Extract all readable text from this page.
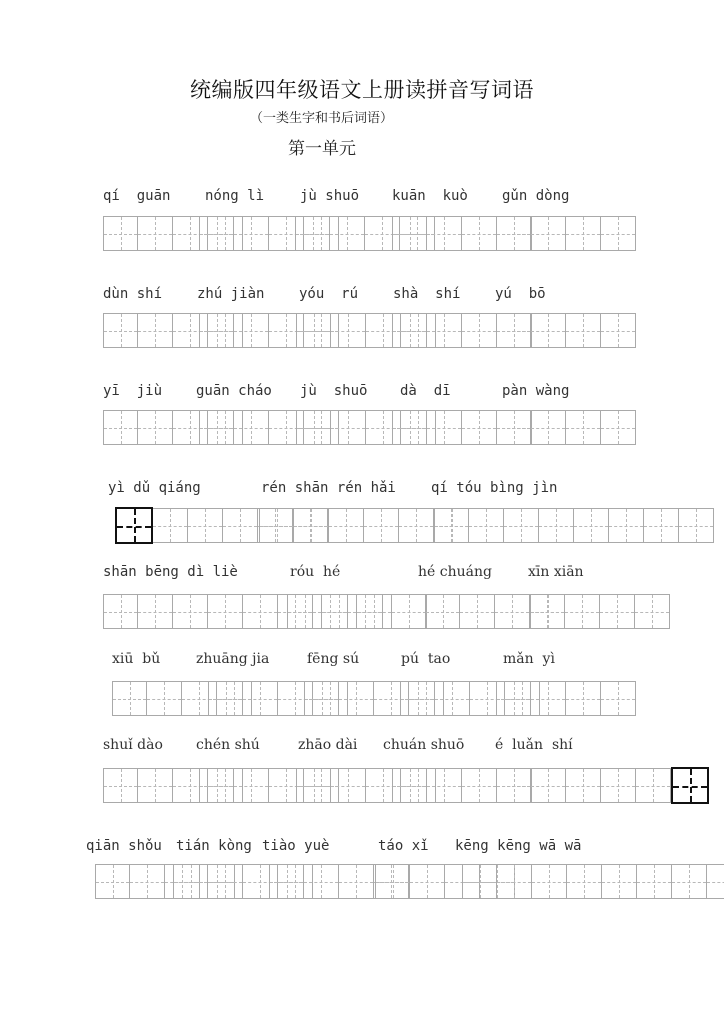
统编版四年级语文上册读拼音写词语
（一类生字和书后词语）
第一单元
qí  guān nóng lì	jù shuō kuān  kuò gǔn dòng
dùn shí zhú jiàn yóu  rú shà  shí yú  bō
yī  jiù guān cháo jù  shuō dà  dī	pàn wàng
yì dǔ qiáng	rén shān rén hǎi	qí tóu bìng jìn
shān bēng dì liè	róu  hé	hé chuáng	xīn xiān
xiū  bǔ	zhuāng jia	fēng sú	pú  tao	mǎn  yì
shuǐ dào chén shú	zhāo dài chuán shuō é  luǎn  shí
qiān shǒu tián kòng tiào yuè	táo xǐ kēng kēng wā wā
